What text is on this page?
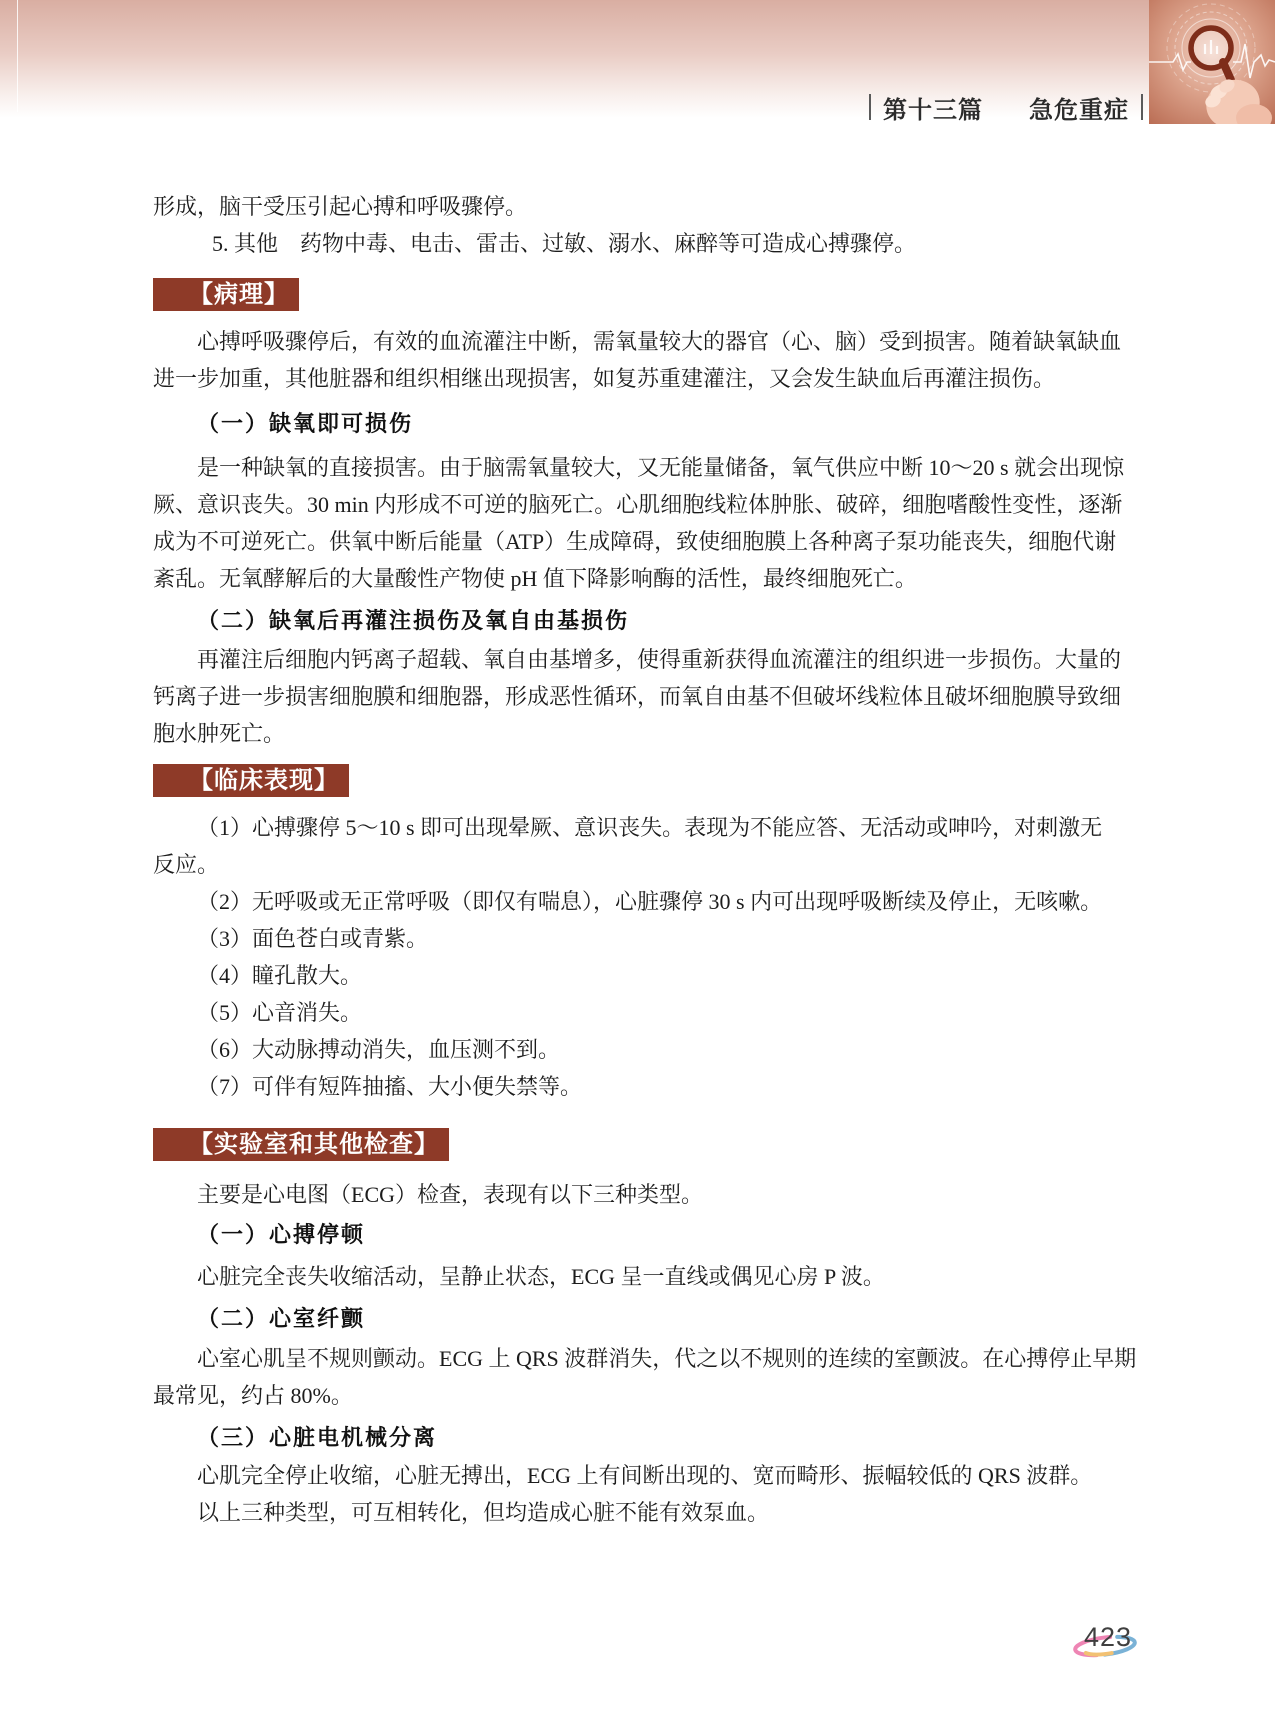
第十三篇 急危重症
形成，脑干受压引起心搏和呼吸骤停。
5. 其他　药物中毒、电击、雷击、过敏、溺水、麻醉等可造成心搏骤停。
【病理】
心搏呼吸骤停后，有效的血流灌注中断，需氧量较大的器官（心、脑）受到损害。随着缺氧缺血
进一步加重，其他脏器和组织相继出现损害，如复苏重建灌注，又会发生缺血后再灌注损伤。
（一）缺氧即可损伤
是一种缺氧的直接损害。由于脑需氧量较大，又无能量储备，氧气供应中断 10～20 s 就会出现惊
厥、意识丧失。30 min 内形成不可逆的脑死亡。心肌细胞线粒体肿胀、破碎，细胞嗜酸性变性，逐渐
成为不可逆死亡。供氧中断后能量（ATP）生成障碍，致使细胞膜上各种离子泵功能丧失，细胞代谢
紊乱。无氧酵解后的大量酸性产物使 pH 值下降影响酶的活性，最终细胞死亡。
（二）缺氧后再灌注损伤及氧自由基损伤
再灌注后细胞内钙离子超载、氧自由基增多，使得重新获得血流灌注的组织进一步损伤。大量的
钙离子进一步损害细胞膜和细胞器，形成恶性循环，而氧自由基不但破坏线粒体且破坏细胞膜导致细
胞水肿死亡。
【临床表现】
（1）心搏骤停 5～10 s 即可出现晕厥、意识丧失。表现为不能应答、无活动或呻吟，对刺激无
反应。
（2）无呼吸或无正常呼吸（即仅有喘息），心脏骤停 30 s 内可出现呼吸断续及停止，无咳嗽。
（3）面色苍白或青紫。
（4）瞳孔散大。
（5）心音消失。
（6）大动脉搏动消失，血压测不到。
（7）可伴有短阵抽搐、大小便失禁等。
【实验室和其他检查】
主要是心电图（ECG）检查，表现有以下三种类型。
（一）心搏停顿
心脏完全丧失收缩活动，呈静止状态，ECG 呈一直线或偶见心房 P 波。
（二）心室纤颤
心室心肌呈不规则颤动。ECG 上 QRS 波群消失，代之以不规则的连续的室颤波。在心搏停止早期
最常见，约占 80%。
（三）心脏电机械分离
心肌完全停止收缩，心脏无搏出，ECG 上有间断出现的、宽而畸形、振幅较低的 QRS 波群。
以上三种类型，可互相转化，但均造成心脏不能有效泵血。
423
